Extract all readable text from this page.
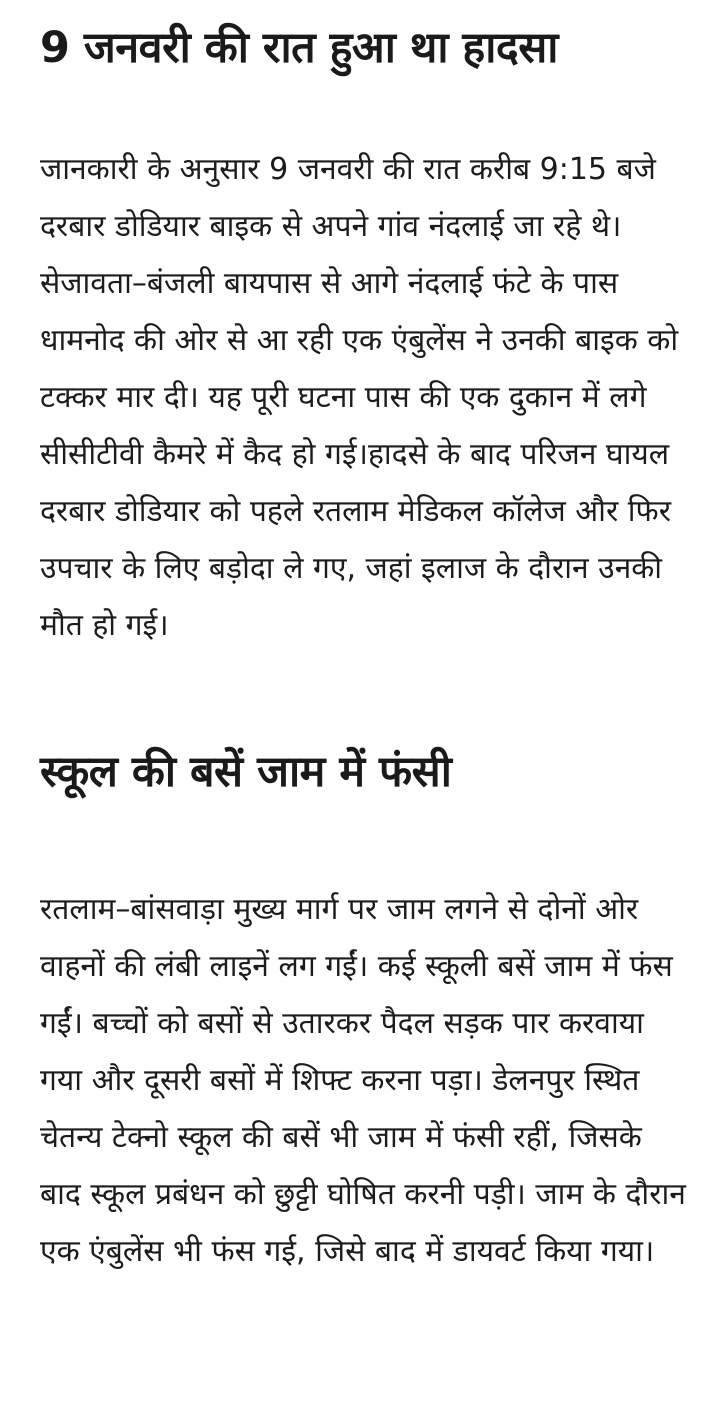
9 जनवरी की रात हुआ था हादसा

जानकारी के अनुसार 9 जनवरी की रात करीब 9:15 बजे दरबार डोडियार बाइक से अपने गांव नंदलाई जा रहे थे। सेजावता–बंजली बायपास से आगे नंदलाई फंटे के पास धामनोद की ओर से आ रही एक एंबुलेंस ने उनकी बाइक को टक्कर मार दी। यह पूरी घटना पास की एक दुकान में लगे सीसीटीवी कैमरे में कैद हो गई।हादसे के बाद परिजन घायल दरबार डोडियार को पहले रतलाम मेडिकल कॉलेज और फिर उपचार के लिए बड़ोदा ले गए, जहां इलाज के दौरान उनकी मौत हो गई।

स्कूल की बसें जाम में फंसी

रतलाम–बांसवाड़ा मुख्य मार्ग पर जाम लगने से दोनों ओर वाहनों की लंबी लाइनें लग गईं। कई स्कूली बसें जाम में फंस गईं। बच्चों को बसों से उतारकर पैदल सड़क पार करवाया गया और दूसरी बसों में शिफ्ट करना पड़ा। डेलनपुर स्थित चेतन्य टेक्नो स्कूल की बसें भी जाम में फंसी रहीं, जिसके बाद स्कूल प्रबंधन को छुट्टी घोषित करनी पड़ी। जाम के दौरान एक एंबुलेंस भी फंस गई, जिसे बाद में डायवर्ट किया गया।
